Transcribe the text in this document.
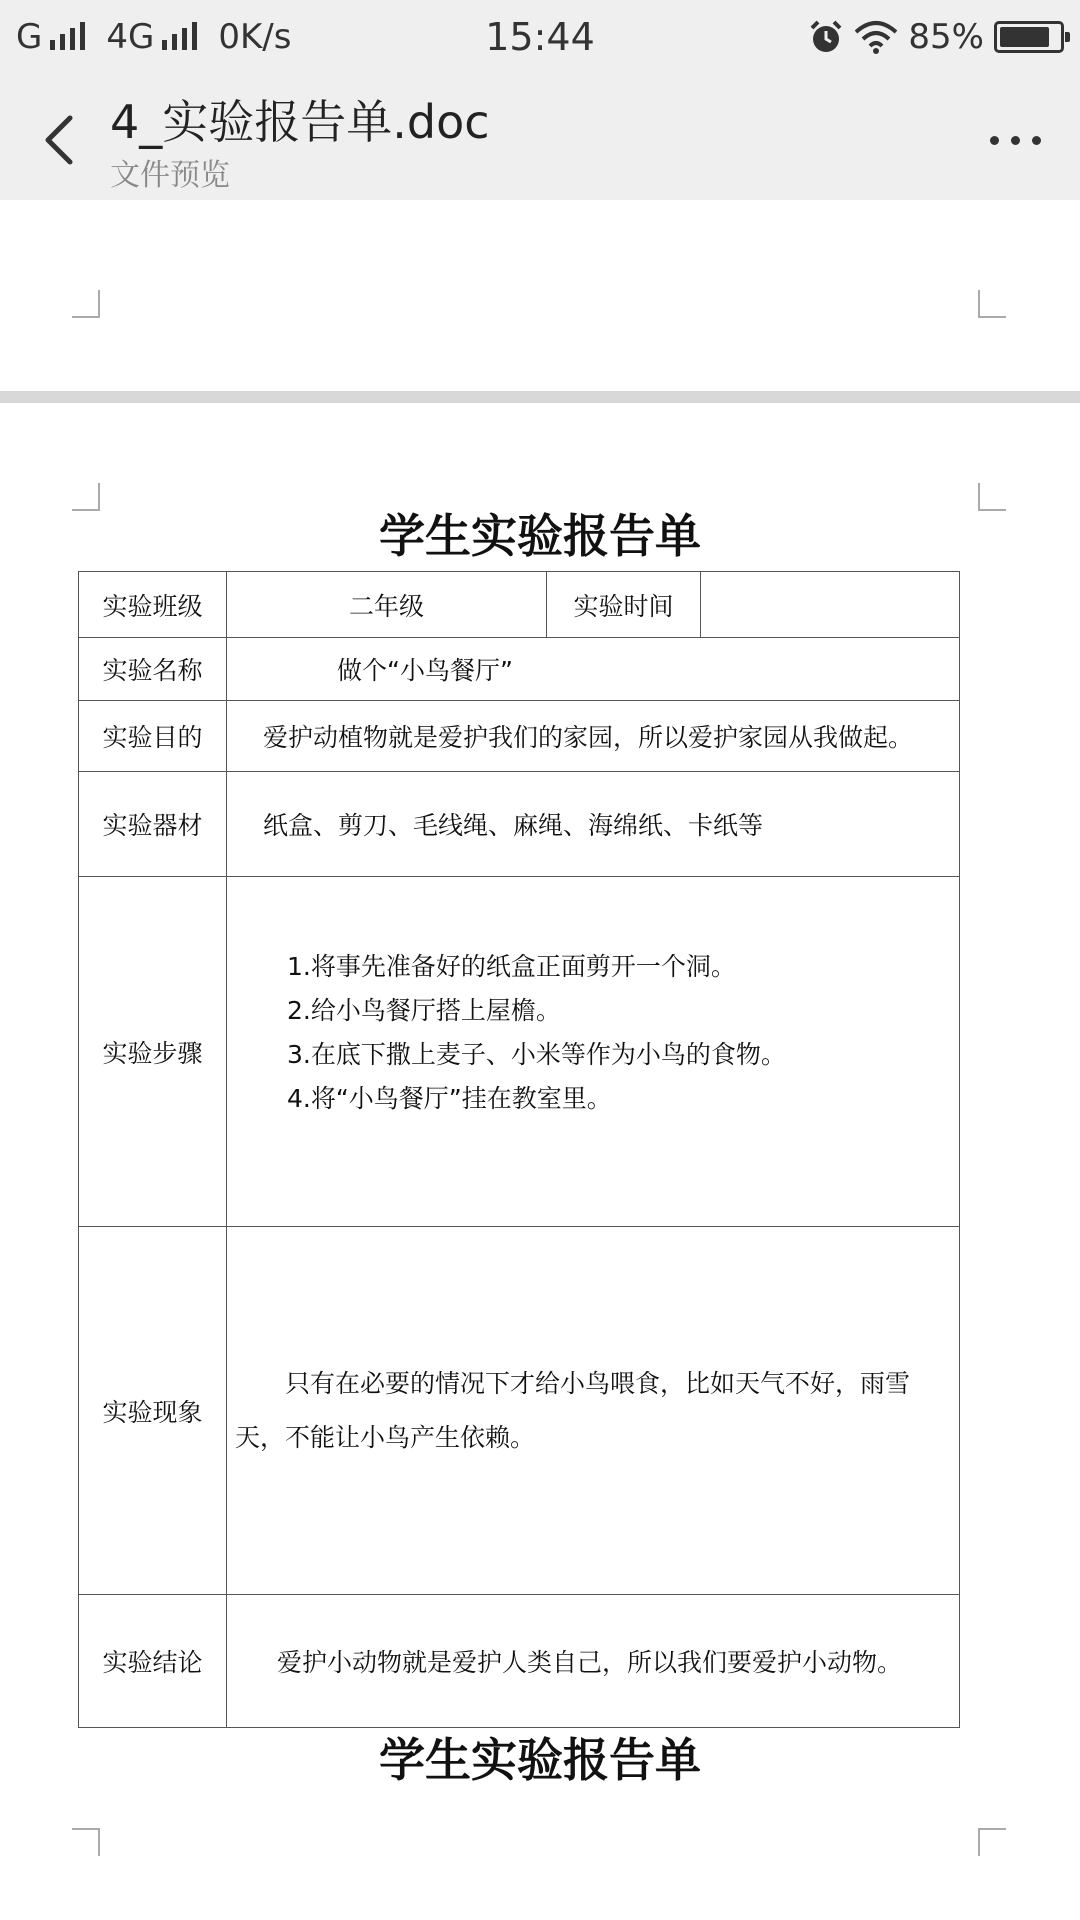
G 4G 0K/s	15:44	85%
4_实验报告单.doc
文件预览
学生实验报告单
实验班级	二年级	实验时间	
实验名称	做个“小鸟餐厅”		
实验目的	爱护动植物就是爱护我们的家园，所以爱护家园从我做起。		
实验器材	纸盒、剪刀、毛线绳、麻绳、海绵纸、卡纸等		
实验步骤	1.将事先准备好的纸盒正面剪开一个洞。
2.给小鸟餐厅搭上屋檐。
3.在底下撒上麦子、小米等作为小鸟的食物。
4.将“小鸟餐厅”挂在教室里。		

实验现象	只有在必要的情况下才给小鸟喂食，比如天气不好，雨雪天，不能让小鸟产生依赖。		
实验结论	爱护小动物就是爱护人类自己，所以我们要爱护小动物。		
学生实验报告单
